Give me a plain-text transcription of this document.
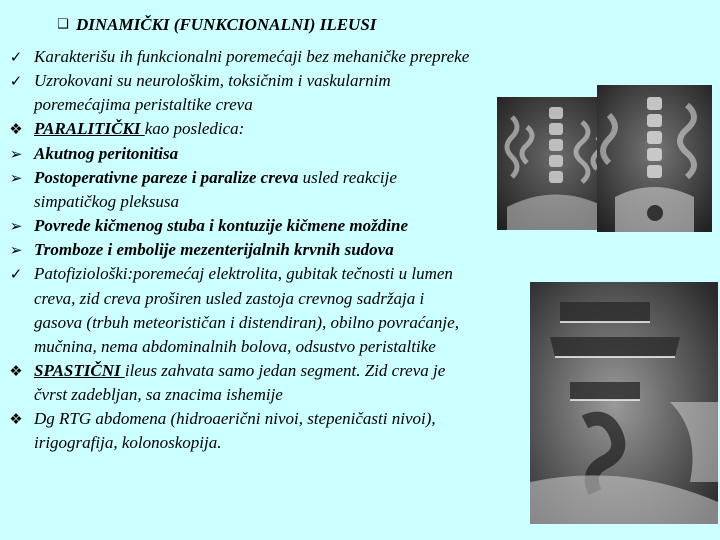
❑ DINAMIČKI (FUNKCIONALNI) ILEUSI
✓ Karakterišu ih funkcionalni poremećaji bez mehaničke prepreke
✓ Uzrokovani su neurološkim, toksičnim i vaskularnim
poremećajima peristaltike creva
❖ PARALITIČKI kao posledica:
➢ Akutnog peritonitisa
➢ Postoperativne pareze i paralize creva usled reakcije
simpatičkog pleksusa
➢ Povrede kičmenog stuba i kontuzije kičmene moždine
➢ Tromboze i embolije mezenterijalnih krvnih sudova
✓ Patofiziološki:poremećaj elektrolita, gubitak tečnosti u lumen
creva, zid creva proširen usled zastoja crevnog sadržaja i
gasova (trbuh meteorističan i distendiran), obilno povraćanje,
mučnina, nema abdominalnih bolova, odsustvo peristaltike
❖ SPASTIČNI ileus zahvata samo jedan segment. Zid creva je
čvrst zadebljan, sa znacima ishemije
❖ Dg RTG abdomena (hidroaerični nivoi, stepeničasti nivoi),
irigografija, kolonoskopija.
